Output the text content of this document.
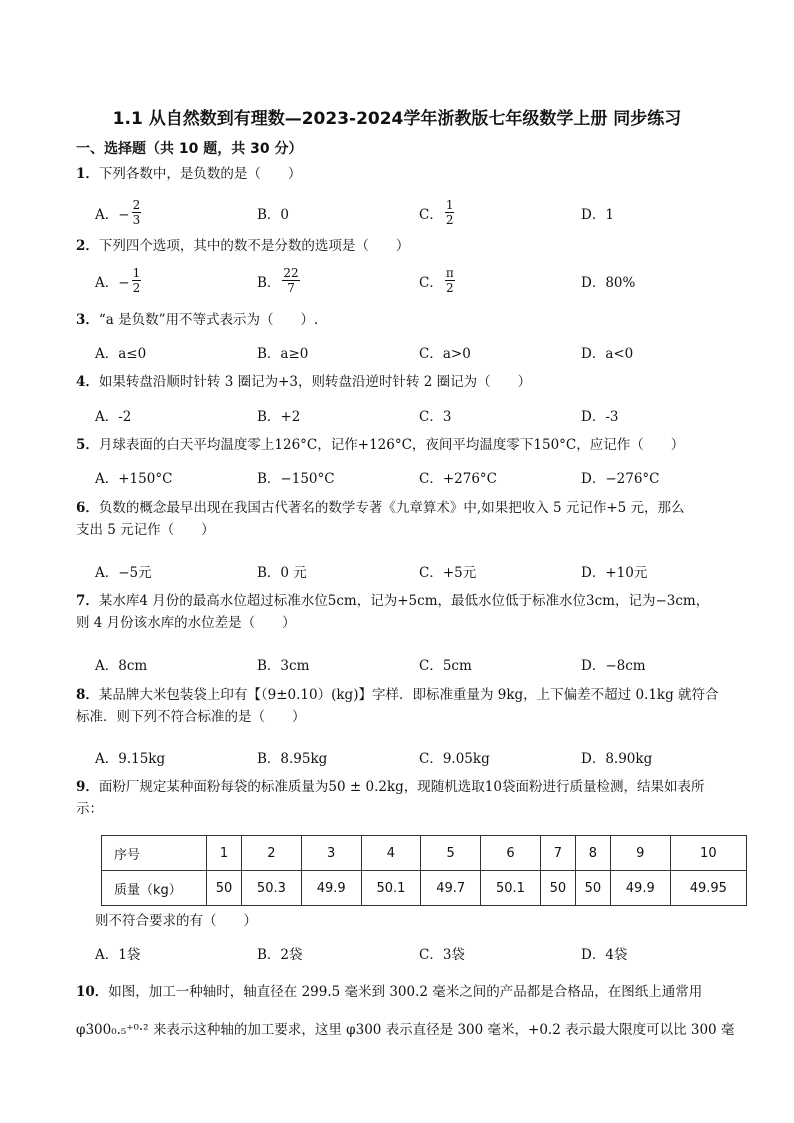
1.1 从自然数到有理数—2023-2024学年浙教版七年级数学上册 同步练习
一、选择题（共 10 题，共 30 分）
1．下列各数中，是负数的是（　　）
A．− $\frac{2}{3}$	B．0	C． $\frac{1}{2}$	D．1
2．下列四个选项，其中的数不是分数的选项是（　　）
A．− $\frac{1}{2}$	B． $\frac{22}{7}$	C． $\frac{\pi}{2}$	D．80%
3．“a 是负数”用不等式表示为（　　）.
A．a≤0	B．a≥0	C．a>0	D．a<0
4．如果转盘沿顺时针转 3 圈记为+3，则转盘沿逆时针转 2 圈记为（　　）
A．-2	B．+2	C．3	D．-3
5．月球表面的白天平均温度零上126°C，记作+126°C，夜间平均温度零下150°C，应记作（　　）
A．+150°C	B．−150°C	C．+276°C	D．−276°C
6．负数的概念最早出现在我国古代著名的数学专著《九章算术》中,如果把收入 5 元记作+5 元，那么
支出 5 元记作（　　）
A．−5元	B．0 元	C．+5元	D．+10元
7．某水库4 月份的最高水位超过标准水位5cm，记为+5cm，最低水位低于标准水位3cm，记为−3cm，
则 4 月份该水库的水位差是（　　）
A．8cm	B．3cm	C．5cm	D．−8cm
8．某品牌大米包装袋上印有【（9±0.10）(kg)】字样．即标准重量为 9kg，上下偏差不超过 0.1kg 就符合
标准．则下列不符合标准的是（　　）
A．9.15kg	B．8.95kg	C．9.05kg	D．8.90kg
9．面粉厂规定某种面粉每袋的标准质量为50 ± 0.2kg，现随机选取10袋面粉进行质量检测，结果如表所
示：
序号	1	2	3	4	5	6	7	8	9	10
质量（kg）	50	50.3	49.9	50.1	49.7	50.1	50	50	49.9	49.95
则不符合要求的有（　　）
A．1袋	B．2袋	C．3袋	D．4袋
10．如图，加工一种轴时，轴直径在 299.5 毫米到 300.2 毫米之间的产品都是合格品，在图纸上通常用
φ300₀.₅⁺⁰·² 来表示这种轴的加工要求，这里 φ300 表示直径是 300 毫米，+0.2 表示最大限度可以比 300 毫
